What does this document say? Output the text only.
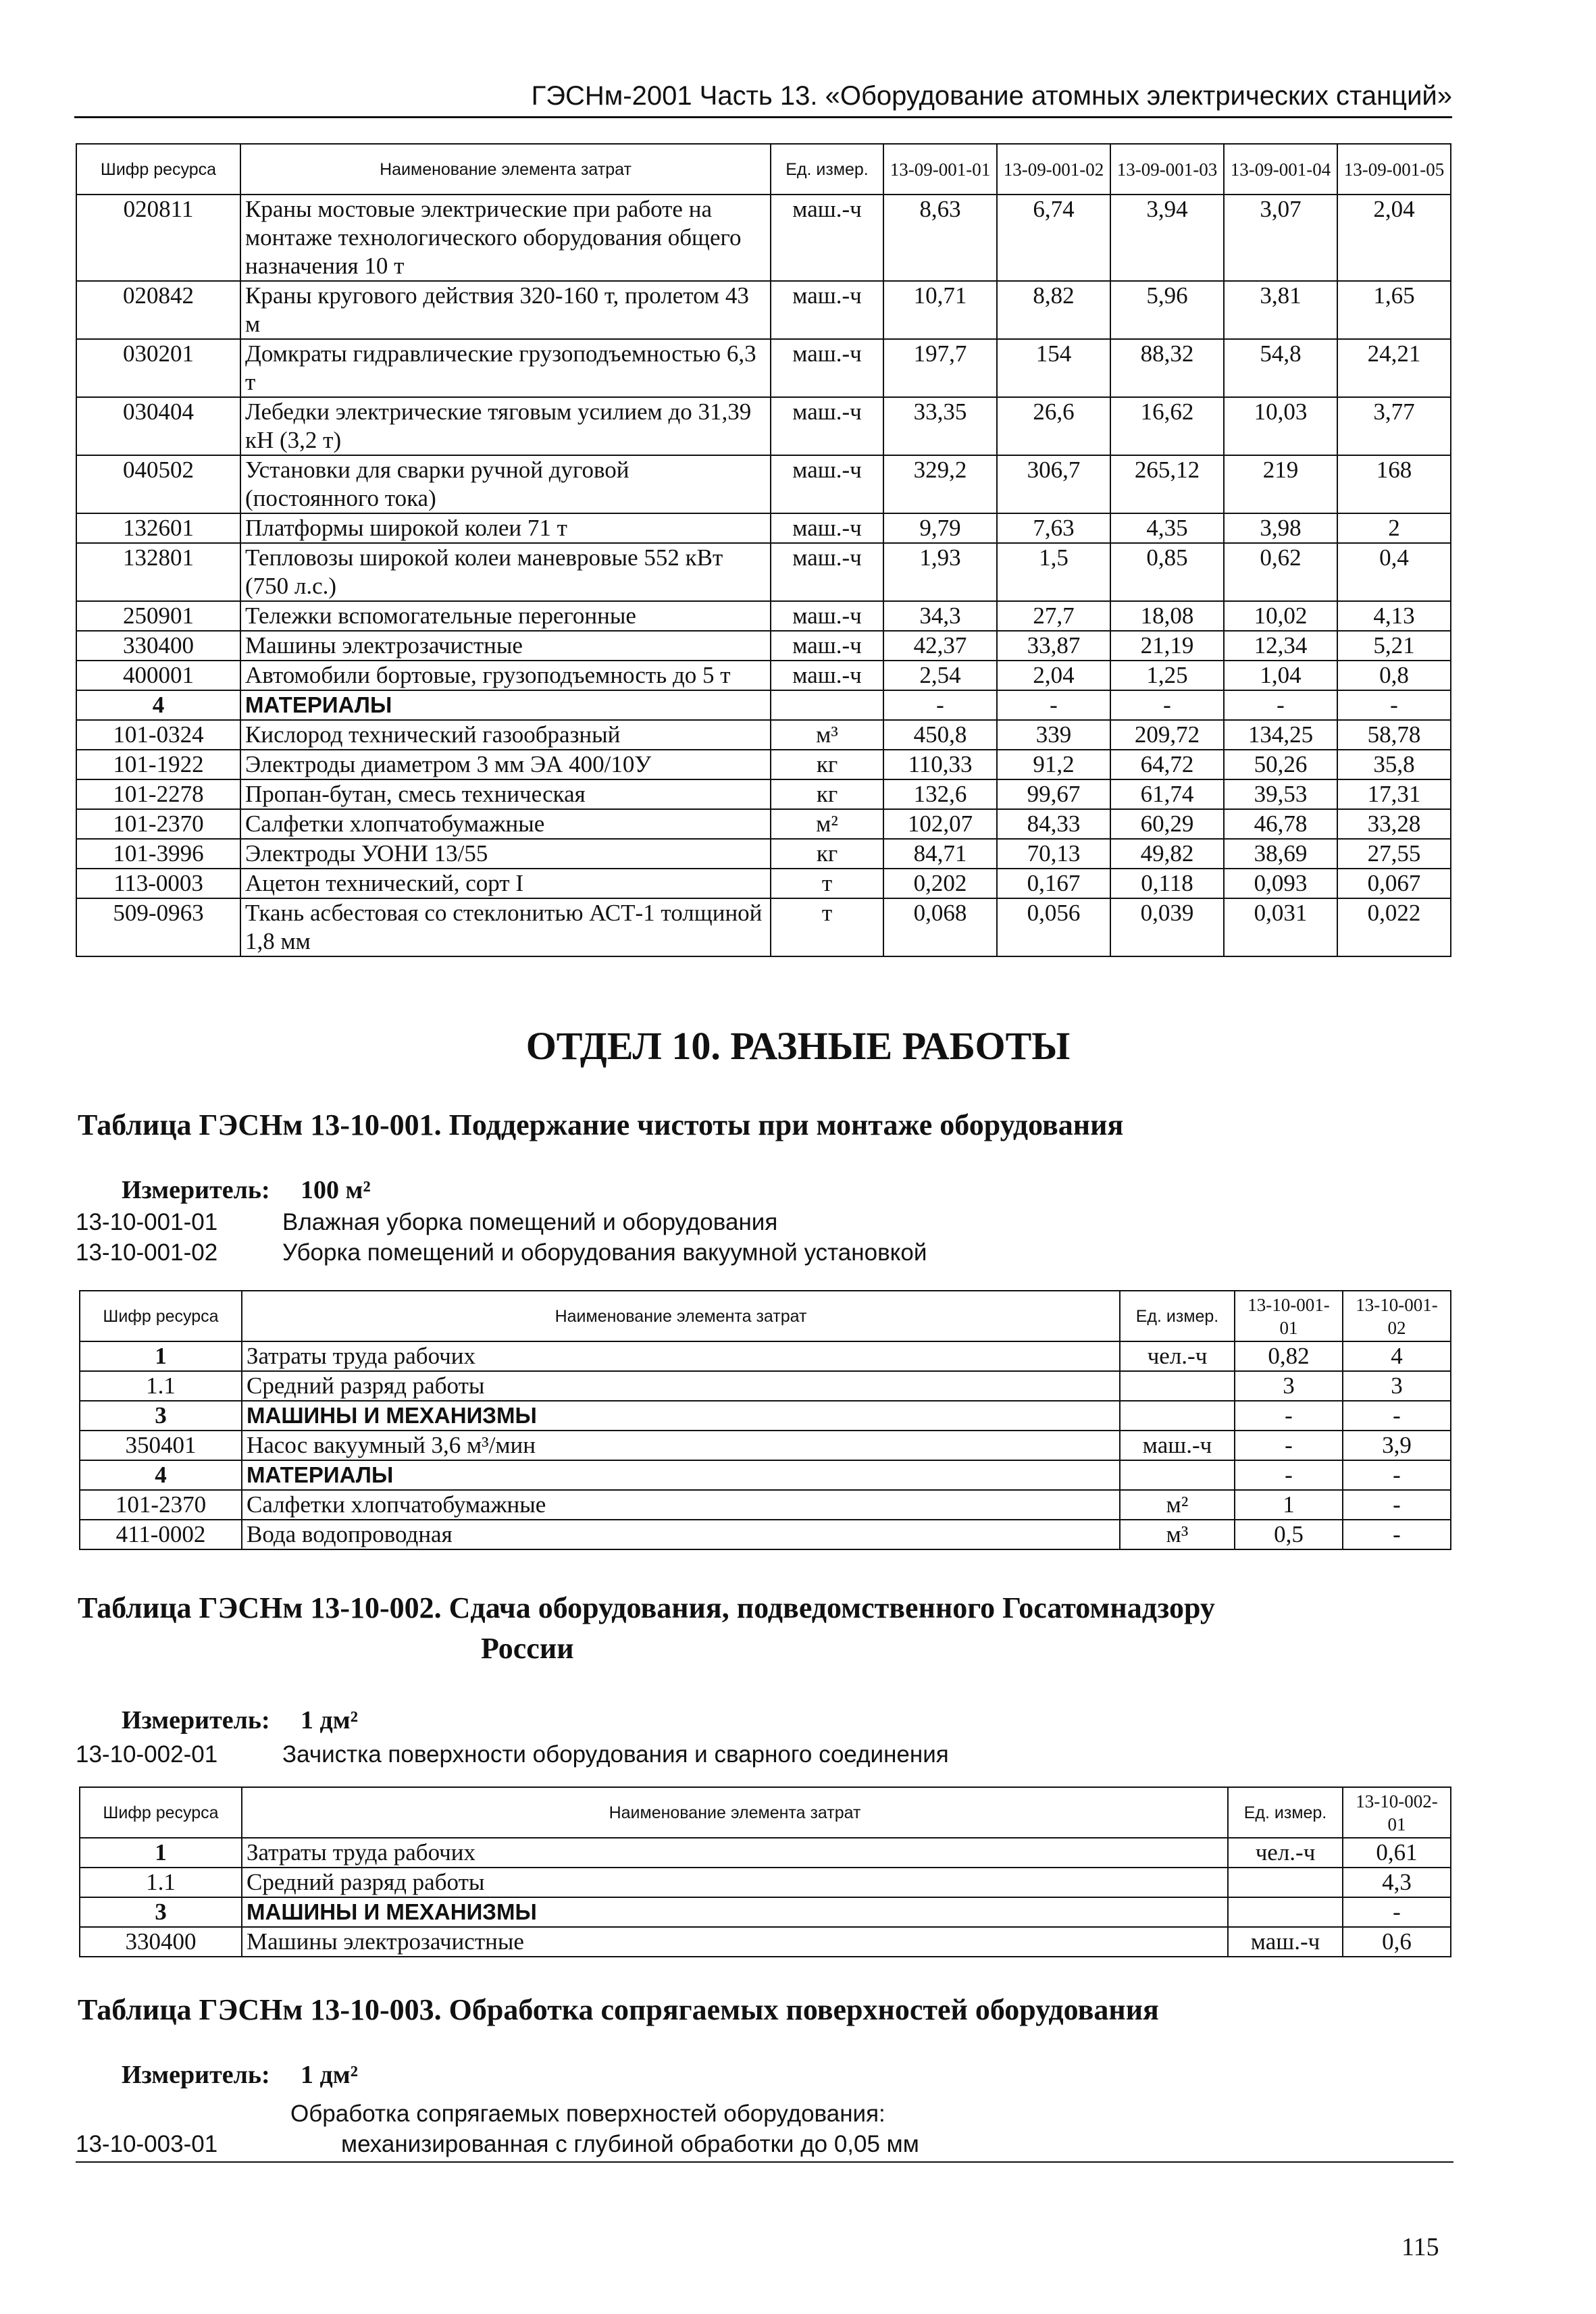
ГЭСНм-2001 Часть 13. «Оборудование атомных электрических станций»
Шифр ресурса	Наименование элемента затрат	Ед. измер.	13-09-001-01	13-09-001-02	13-09-001-03	13-09-001-04	13-09-001-05
020811	Краны мостовые электрические при работе на монтаже технологического оборудования общего назначения 10 т	маш.-ч	8,63	6,74	3,94	3,07	2,04
020842	Краны кругового действия 320-160 т, пролетом 43 м	маш.-ч	10,71	8,82	5,96	3,81	1,65
030201	Домкраты гидравлические грузоподъемностью 6,3 т	маш.-ч	197,7	154	88,32	54,8	24,21
030404	Лебедки электрические тяговым усилием до 31,39 кН (3,2 т)	маш.-ч	33,35	26,6	16,62	10,03	3,77
040502	Установки для сварки ручной дуговой (постоянного тока)	маш.-ч	329,2	306,7	265,12	219	168
132601	Платформы широкой колеи 71 т	маш.-ч	9,79	7,63	4,35	3,98	2
132801	Тепловозы широкой колеи маневровые 552 кВт (750 л.с.)	маш.-ч	1,93	1,5	0,85	0,62	0,4
250901	Тележки вспомогательные перегонные	маш.-ч	34,3	27,7	18,08	10,02	4,13
330400	Машины электрозачистные	маш.-ч	42,37	33,87	21,19	12,34	5,21
400001	Автомобили бортовые, грузоподъемность до 5 т	маш.-ч	2,54	2,04	1,25	1,04	0,8
4	МАТЕРИАЛЫ		-	-	-	-	-
101-0324	Кислород технический газообразный	м³	450,8	339	209,72	134,25	58,78
101-1922	Электроды диаметром 3 мм ЭА 400/10У	кг	110,33	91,2	64,72	50,26	35,8
101-2278	Пропан-бутан, смесь техническая	кг	132,6	99,67	61,74	39,53	17,31
101-2370	Салфетки хлопчатобумажные	м²	102,07	84,33	60,29	46,78	33,28
101-3996	Электроды УОНИ 13/55	кг	84,71	70,13	49,82	38,69	27,55
113-0003	Ацетон технический, сорт I	т	0,202	0,167	0,118	0,093	0,067
509-0963	Ткань асбестовая со стеклонитью АСТ-1 толщиной 1,8 мм	т	0,068	0,056	0,039	0,031	0,022
ОТДЕЛ 10. РАЗНЫЕ РАБОТЫ
Таблица ГЭСНм 13-10-001. Поддержание чистоты при монтаже оборудования
Измеритель: 100 м²
13-10-001-01	Влажная уборка помещений и оборудования
13-10-001-02	Уборка помещений и оборудования вакуумной установкой
Шифр ресурса	Наименование элемента затрат	Ед. измер.	13-10-001-01	13-10-001-02
1	Затраты труда рабочих	чел.-ч	0,82	4
1.1	Средний разряд работы		3	3
3	МАШИНЫ И МЕХАНИЗМЫ		-	-
350401	Насос вакуумный 3,6 м³/мин	маш.-ч	-	3,9
4	МАТЕРИАЛЫ		-	-
101-2370	Салфетки хлопчатобумажные	м²	1	-
411-0002	Вода водопроводная	м³	0,5	-
Таблица ГЭСНм 13-10-002. Сдача оборудования, подведомственного Госатомнадзору
России
Измеритель: 1 дм²
13-10-002-01	Зачистка поверхности оборудования и сварного соединения
Шифр ресурса	Наименование элемента затрат	Ед. измер.	13-10-002-01
1	Затраты труда рабочих	чел.-ч	0,61
1.1	Средний разряд работы		4,3
3	МАШИНЫ И МЕХАНИЗМЫ		-
330400	Машины электрозачистные	маш.-ч	0,6
Таблица ГЭСНм 13-10-003. Обработка сопрягаемых поверхностей оборудования
Измеритель: 1 дм²
Обработка сопрягаемых поверхностей оборудования:
13-10-003-01	механизированная с глубиной обработки до 0,05 мм
115
